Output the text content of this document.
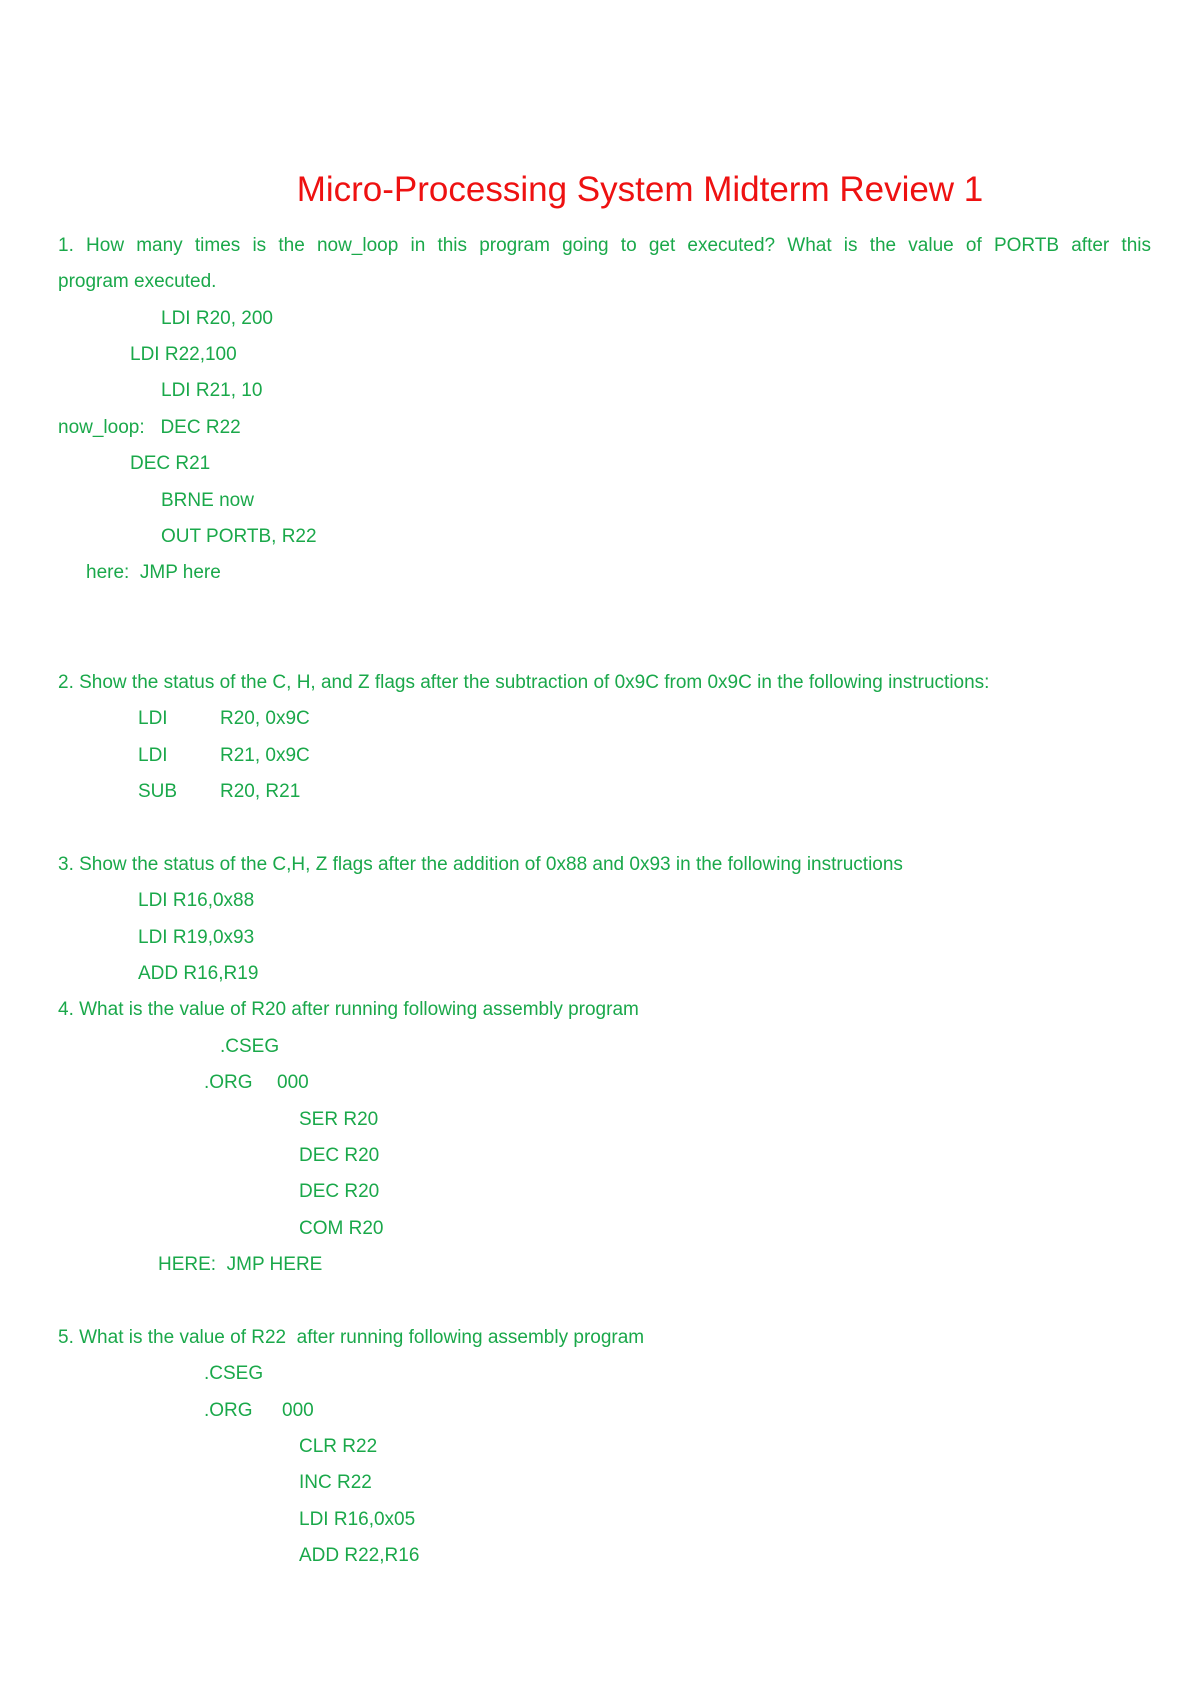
Micro-Processing System Midterm Review 1
1. How many times is the now_loop in this program going to get executed? What is the value of PORTB after this
program executed.
LDI R20, 200
LDI R22,100
LDI R21, 10
now_loop:   DEC R22
DEC R21
BRNE now
OUT PORTB, R22
here:  JMP here
2. Show the status of the C, H, and Z flags after the subtraction of 0x9C from 0x9C in the following instructions:
LDI	R20, 0x9C
LDI	R21, 0x9C
SUB R20, R21
3. Show the status of the C,H, Z flags after the addition of 0x88 and 0x93 in the following instructions
LDI R16,0x88
LDI R19,0x93
ADD R16,R19
4. What is the value of R20 after running following assembly program
.CSEG
.ORG 000
SER R20
DEC R20
DEC R20
COM R20
HERE:  JMP HERE
5. What is the value of R22  after running following assembly program
.CSEG
.ORG 000
CLR R22
INC R22
LDI R16,0x05
ADD R22,R16
